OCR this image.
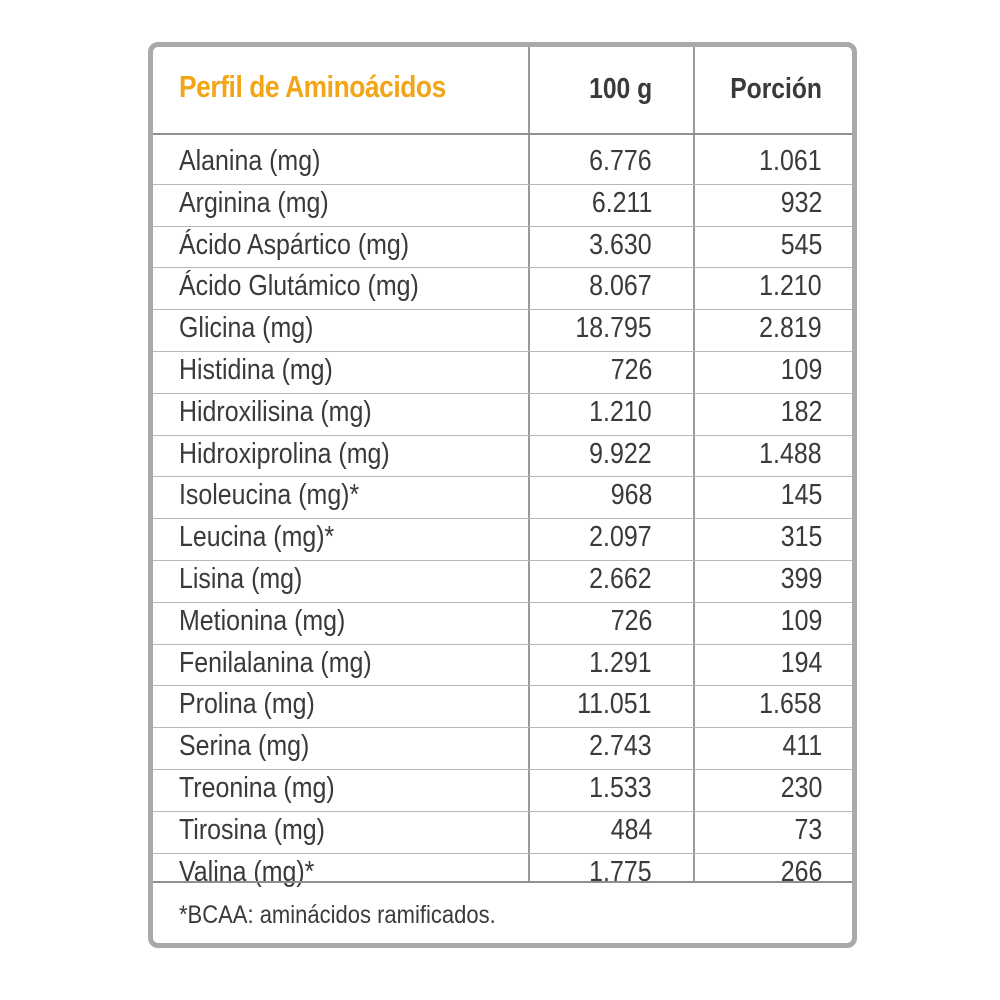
Perfil de Aminoácidos	100 g	Porción
Alanina (mg)	6.776	1.061
Arginina (mg)	6.211	932
Ácido Aspártico (mg)	3.630	545
Ácido Glutámico (mg)	8.067	1.210
Glicina (mg)	18.795	2.819
Histidina (mg)	726	109
Hidroxilisina (mg)	1.210	182
Hidroxiprolina (mg)	9.922	1.488
Isoleucina (mg)*	968	145
Leucina (mg)*	2.097	315
Lisina (mg)	2.662	399
Metionina (mg)	726	109
Fenilalanina (mg)	1.291	194
Prolina (mg)	11.051	1.658
Serina (mg)	2.743	411
Treonina (mg)	1.533	230
Tirosina (mg)	484	73
Valina (mg)*	1.775	266
*BCAA: aminácidos ramificados.
